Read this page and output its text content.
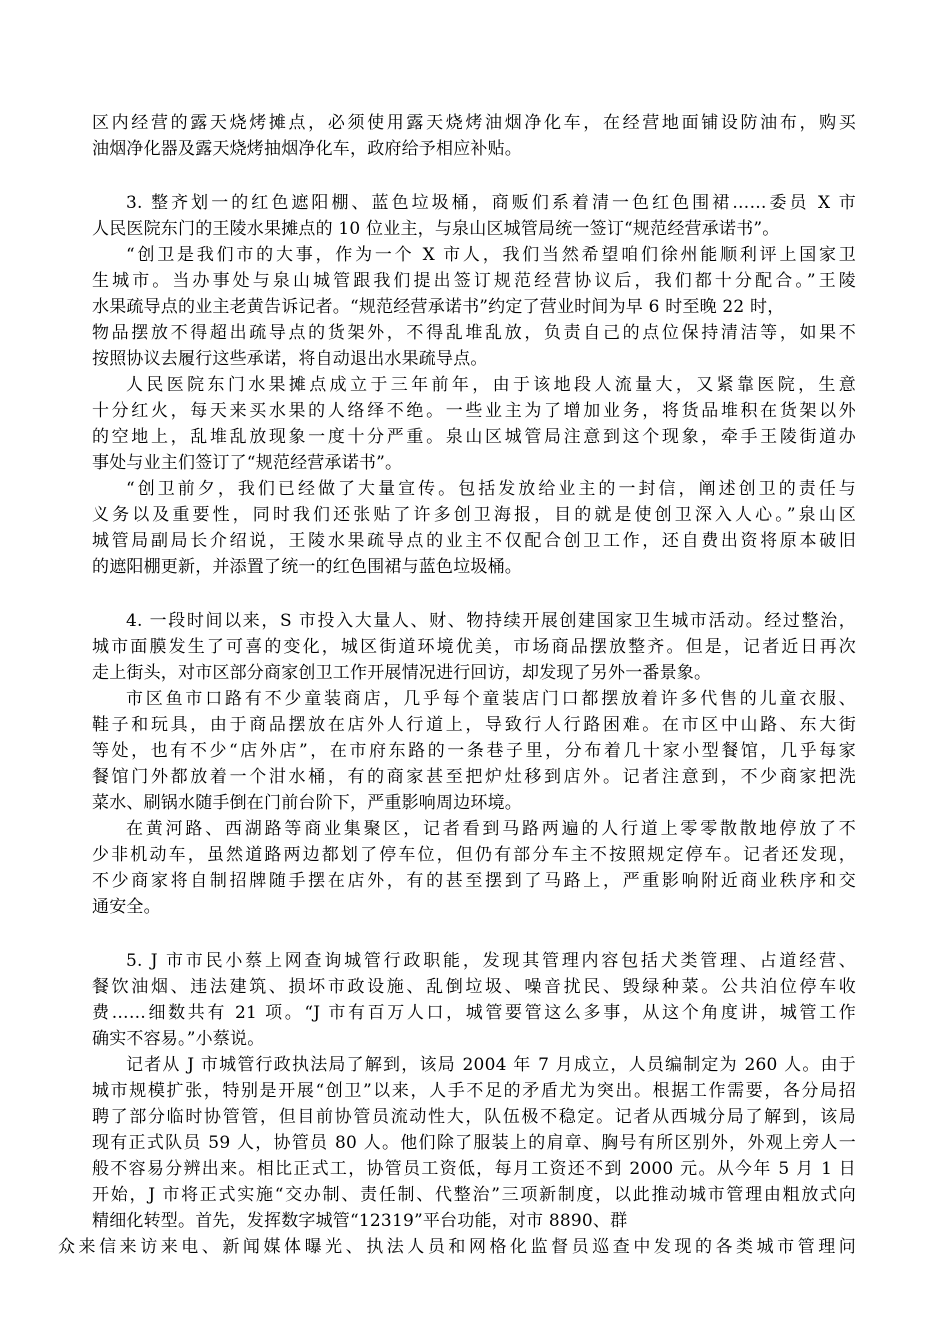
区内经营的露天烧烤摊点，必须使用露天烧烤油烟净化车，在经营地面铺设防油布，购买
油烟净化器及露天烧烤抽烟净化车，政府给予相应补贴。
3. 整齐划一的红色遮阳棚、蓝色垃圾桶，商贩们系着清一色红色围裙……委员 X 市
人民医院东门的王陵水果摊点的 10 位业主，与泉山区城管局统一签订“规范经营承诺书”。
“创卫是我们市的大事，作为一个 X 市人，我们当然希望咱们徐州能顺利评上国家卫
生城市。当办事处与泉山城管跟我们提出签订规范经营协议后，我们都十分配合。”王陵
水果疏导点的业主老黄告诉记者。“规范经营承诺书”约定了营业时间为早 6 时至晚 22 时，
物品摆放不得超出疏导点的货架外，不得乱堆乱放，负责自己的点位保持清洁等，如果不
按照协议去履行这些承诺，将自动退出水果疏导点。
人民医院东门水果摊点成立于三年前年，由于该地段人流量大，又紧靠医院，生意
十分红火，每天来买水果的人络绎不绝。一些业主为了增加业务，将货品堆积在货架以外
的空地上，乱堆乱放现象一度十分严重。泉山区城管局注意到这个现象，牵手王陵街道办
事处与业主们签订了“规范经营承诺书”。
“创卫前夕，我们已经做了大量宣传。包括发放给业主的一封信，阐述创卫的责任与
义务以及重要性，同时我们还张贴了许多创卫海报，目的就是使创卫深入人心。”泉山区
城管局副局长介绍说，王陵水果疏导点的业主不仅配合创卫工作，还自费出资将原本破旧
的遮阳棚更新，并添置了统一的红色围裙与蓝色垃圾桶。
4. 一段时间以来，S 市投入大量人、财、物持续开展创建国家卫生城市活动。经过整治，
城市面膜发生了可喜的变化，城区街道环境优美，市场商品摆放整齐。但是，记者近日再次
走上街头，对市区部分商家创卫工作开展情况进行回访，却发现了另外一番景象。
市区鱼市口路有不少童装商店，几乎每个童装店门口都摆放着许多代售的儿童衣服、
鞋子和玩具，由于商品摆放在店外人行道上，导致行人行路困难。在市区中山路、东大街
等处，也有不少“店外店”，在市府东路的一条巷子里，分布着几十家小型餐馆，几乎每家
餐馆门外都放着一个泔水桶，有的商家甚至把炉灶移到店外。记者注意到，不少商家把洗
菜水、刷锅水随手倒在门前台阶下，严重影响周边环境。
在黄河路、西湖路等商业集聚区，记者看到马路两遍的人行道上零零散散地停放了不
少非机动车，虽然道路两边都划了停车位，但仍有部分车主不按照规定停车。记者还发现，
不少商家将自制招牌随手摆在店外，有的甚至摆到了马路上，严重影响附近商业秩序和交
通安全。
5. J 市市民小蔡上网查询城管行政职能，发现其管理内容包括犬类管理、占道经营、
餐饮油烟、违法建筑、损坏市政设施、乱倒垃圾、噪音扰民、毁绿种菜。公共泊位停车收
费……细数共有 21 项。“J 市有百万人口，城管要管这么多事，从这个角度讲，城管工作
确实不容易。”小蔡说。
记者从 J 市城管行政执法局了解到，该局 2004 年 7 月成立，人员编制定为 260 人。由于
城市规模扩张，特别是开展“创卫”以来，人手不足的矛盾尤为突出。根据工作需要，各分局招
聘了部分临时协管管，但目前协管员流动性大，队伍极不稳定。记者从西城分局了解到，该局
现有正式队员 59 人，协管员 80 人。他们除了服装上的肩章、胸号有所区别外，外观上旁人一
般不容易分辨出来。相比正式工，协管员工资低，每月工资还不到 2000 元。从今年 5 月 1 日
开始，J 市将正式实施“交办制、责任制、代整治”三项新制度，以此推动城市管理由粗放式向
精细化转型。首先，发挥数字城管“12319”平台功能，对市 8890、群
众来信来访来电、新闻媒体曝光、执法人员和网格化监督员巡查中发现的各类城市管理问
